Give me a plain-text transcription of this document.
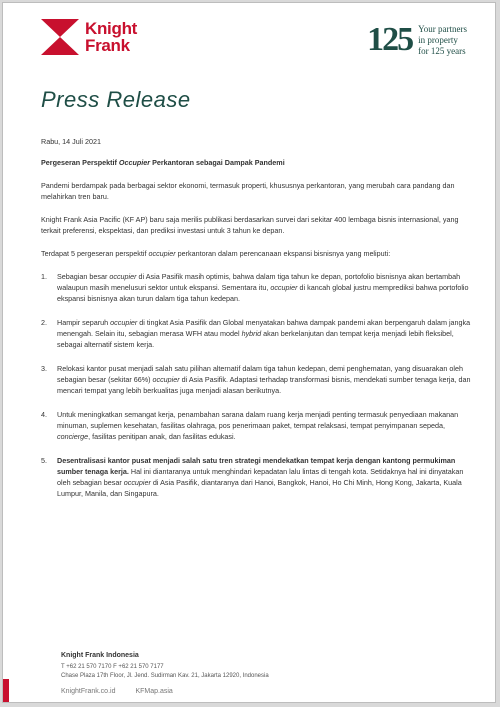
Knight
Frank	125 Your partners
in property
for 125 years
Press Release
Rabu, 14 Juli 2021
Pergeseran Perspektif Occupier Perkantoran sebagai Dampak Pandemi
Pandemi berdampak pada berbagai sektor ekonomi, termasuk properti, khususnya perkantoran, yang merubah cara pandang dan melahirkan tren baru.
Knight Frank Asia Pacific (KF AP) baru saja merilis publikasi berdasarkan survei dari sekitar 400 lembaga bisnis internasional, yang terkait preferensi, ekspektasi, dan prediksi investasi untuk 3 tahun ke depan.
Terdapat 5 pergeseran perspektif occupier perkantoran dalam perencanaan ekspansi bisnisnya yang meliputi:
1.	Sebagian besar occupier di Asia Pasifik masih optimis, bahwa dalam tiga tahun ke depan, portofolio bisnisnya akan bertambah walaupun masih menelusuri sektor untuk ekspansi. Sementara itu, occupier di kancah global justru memprediksi bahwa portofolio ekspansi bisnisnya akan turun dalam tiga tahun kedepan.
2.	Hampir separuh occupier di tingkat Asia Pasifik dan Global menyatakan bahwa dampak pandemi akan berpengaruh dalam jangka menengah. Selain itu, sebagian merasa WFH atau model hybrid akan berkelanjutan dan tempat kerja menjadi lebih fleksibel, sebagai alternatif sistem kerja.
3.	Relokasi kantor pusat menjadi salah satu pilihan alternatif dalam tiga tahun kedepan, demi penghematan, yang disuarakan oleh sebagian besar (sekitar 66%) occupier di Asia Pasifik. Adaptasi terhadap transformasi bisnis, mendekati sumber tenaga kerja, dan mencari tempat yang lebih berkualitas juga menjadi alasan berikutnya.
4.	Untuk meningkatkan semangat kerja, penambahan sarana dalam ruang kerja menjadi penting termasuk penyediaan makanan minuman, suplemen kesehatan, fasilitas olahraga, pos penerimaan paket, tempat relaksasi, tempat penyimpanan sepeda, concierge, fasilitas penitipan anak, dan fasilitas edukasi.
5.	Desentralisasi kantor pusat menjadi salah satu tren strategi mendekatkan tempat kerja dengan kantong permukiman sumber tenaga kerja. Hal ini diantaranya untuk menghindari kepadatan lalu lintas di tengah kota. Setidaknya hal ini dinyatakan oleh sebagian besar occupier di Asia Pasifik, diantaranya dari Hanoi, Bangkok, Hanoi, Ho Chi Minh, Hong Kong, Jakarta, Kuala Lumpur, Manila, dan Singapura.
Knight Frank Indonesia
T +62 21 570 7170 F +62 21 570 7177
Chase Plaza 17th Floor, Jl. Jend. Sudirman Kav. 21, Jakarta 12920, Indonesia
KnightFrank.co.id	KFMap.asia
